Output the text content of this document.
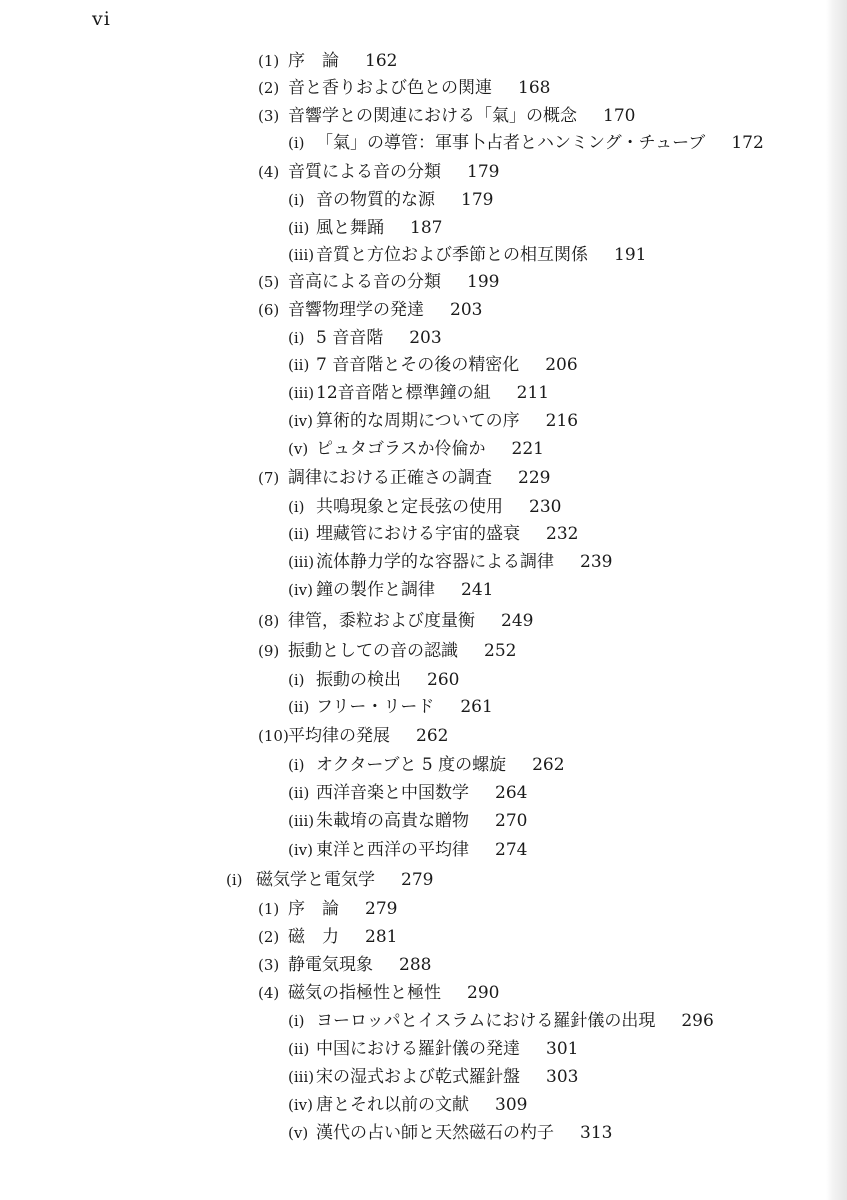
vi
(1) 序　論 162
(2) 音と香りおよび色との関連 168
(3) 音響学との関連における「氣」の概念 170
(i) 「氣」の導管：軍事卜占者とハンミング・チューブ 172
(4) 音質による音の分類 179
(i) 音の物質的な源 179
(ii) 風と舞踊 187
(iii) 音質と方位および季節との相互関係 191
(5) 音高による音の分類 199
(6) 音響物理学の発達 203
(i) 5 音音階 203
(ii) 7 音音階とその後の精密化 206
(iii) 12音音階と標準鐘の組 211
(iv) 算術的な周期についての序 216
(v) ピュタゴラスか伶倫か 221
(7) 調律における正確さの調査 229
(i) 共鳴現象と定長弦の使用 230
(ii) 埋藏管における宇宙的盛衰 232
(iii) 流体静力学的な容器による調律 239
(iv) 鐘の製作と調律 241
(8) 律管，黍粒および度量衡 249
(9) 振動としての音の認識 252
(i) 振動の検出 260
(ii) フリー・リード 261
(10)平均律の発展 262
(i) オクターブと 5 度の螺旋 262
(ii) 西洋音楽と中国数学 264
(iii) 朱載堉の高貴な贈物 270
(iv) 東洋と西洋の平均律 274
(i) 磁気学と電気学 279
(1) 序　論 279
(2) 磁　力 281
(3) 静電気現象 288
(4) 磁気の指極性と極性 290
(i) ヨーロッパとイスラムにおける羅針儀の出現 296
(ii) 中国における羅針儀の発達 301
(iii) 宋の湿式および乾式羅針盤 303
(iv) 唐とそれ以前の文献 309
(v) 漢代の占い師と天然磁石の杓子 313
